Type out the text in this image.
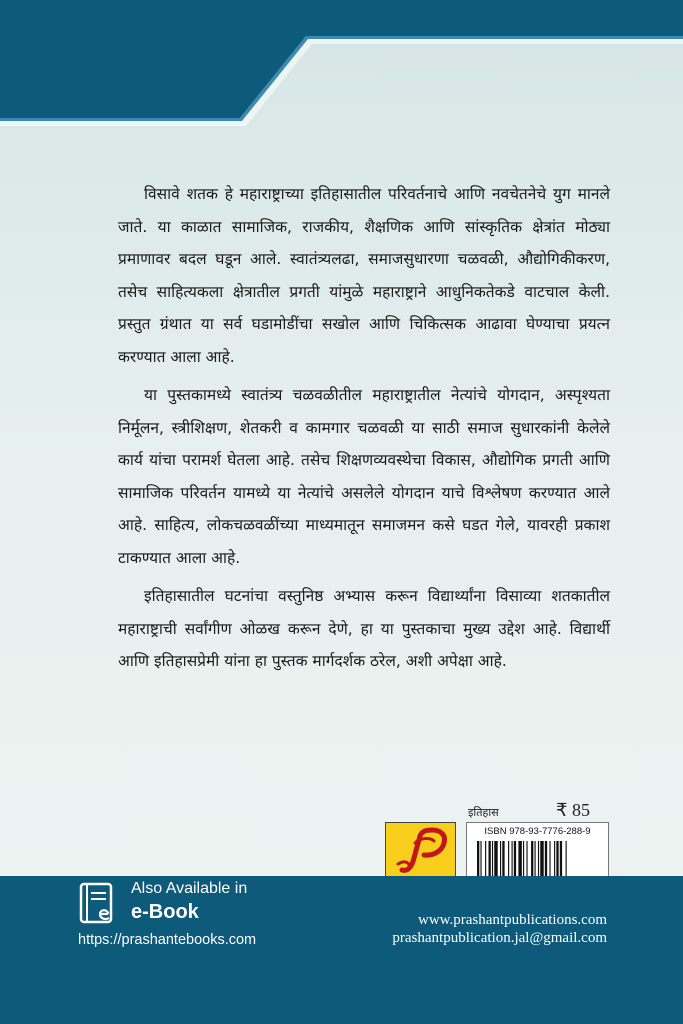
विसावे शतक हे महाराष्ट्राच्या इतिहासातील परिवर्तनाचे आणि नवचेतनेचे युग मानले जाते. या काळात सामाजिक, राजकीय, शैक्षणिक आणि सांस्कृतिक क्षेत्रांत मोठ्या प्रमाणावर बदल घडून आले. स्वातंत्र्यलढा, समाजसुधारणा चळवळी, औद्योगिकीकरण, तसेच साहित्यकला क्षेत्रातील प्रगती यांमुळे महाराष्ट्राने आधुनिकतेकडे वाटचाल केली. प्रस्तुत ग्रंथात या सर्व घडामोडींचा सखोल आणि चिकित्सक आढावा घेण्याचा प्रयत्न करण्यात आला आहे.

या पुस्तकामध्ये स्वातंत्र्य चळवळीतील महाराष्ट्रातील नेत्यांचे योगदान, अस्पृश्यता निर्मूलन, स्त्रीशिक्षण, शेतकरी व कामगार चळवळी या साठी समाज सुधारकांनी केलेले कार्य यांचा परामर्श घेतला आहे. तसेच शिक्षणव्यवस्थेचा विकास, औद्योगिक प्रगती आणि सामाजिक परिवर्तन यामध्ये या नेत्यांचे असलेले योगदान याचे विश्लेषण करण्यात आले आहे. साहित्य, लोकचळवळींच्या माध्यमातून समाजमन कसे घडत गेले, यावरही प्रकाश टाकण्यात आला आहे.

इतिहासातील घटनांचा वस्तुनिष्ठ अभ्यास करून विद्यार्थ्यांना विसाव्या शतकातील महाराष्ट्राची सर्वांगीण ओळख करून देणे, हा या पुस्तकाचा मुख्य उद्देश आहे. विद्यार्थी आणि इतिहासप्रेमी यांना हा पुस्तक मार्गदर्शक ठरेल, अशी अपेक्षा आहे.

इतिहास	₹ 85
ISBN 978-93-7776-288-9
Also Available in
e-Book
https://prashantebooks.com
www.prashantpublications.com
prashantpublication.jal@gmail.com
